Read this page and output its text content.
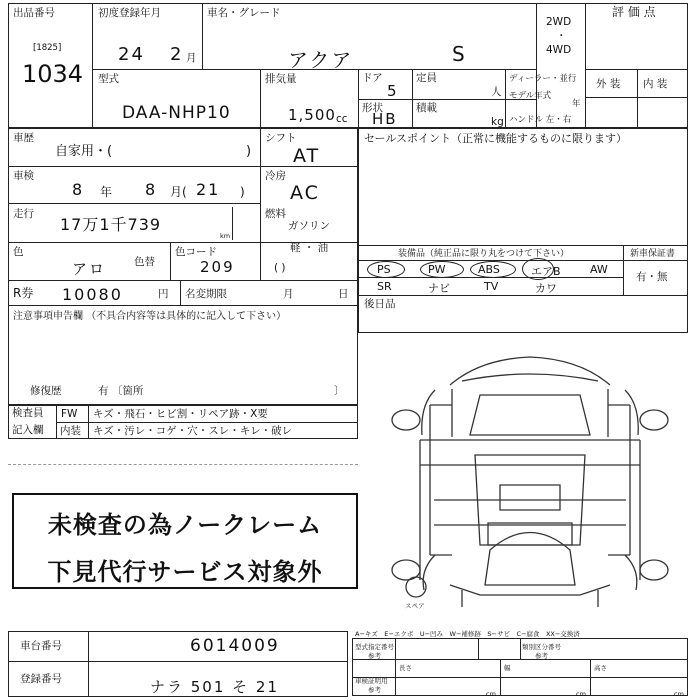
出品番号
[1825]
1034
初度登録年月
24 2 月
車名・グレード
アクア	S
2WD
・
4WD
評 価 点
外 装 内 装
型式
DAA-NHP10
排気量
1,500 cc
ドア
5
定員
人
形状
HB
積載
kg
ディーラー・並行
モデル年式
年
ハンドル 左・右
車歴
自家用・(	)
シフト
AT
車検
8 年 8 月( 21 )
冷房
AC
走行
17万1千739
km
燃料
ガソリン
軽 ・ 油
( )
色
アロ	色替
色コード
209
R券 10080	円 名変期限	月	日
注意事項申告欄 （不具合内容等は具体的に記入して下さい）
修復歴	有 〔箇所	〕
セールスポイント（正常に機能するものに限ります）
装備品（純正品に限り丸をつけて下さい）	新車保証書
有・無
PS	PW	ABS	エアB	AW
SR	ナビ	TV	カワ
後日品
検査員
記入欄
FW キズ・飛石・ヒビ割・リペア跡・X要
内装 キズ・汚レ・コゲ・穴・スレ・キレ・破レ
未検査の為ノークレーム
下見代行サービス対象外
スペア
車台番号	6014009
登録番号	ナラ 501 そ 21
A−キズ　E−エクボ　U−凹み　W−補修跡　S−サビ　C−腐食　XX−交換済
型式指定番号
参考
類別区分番号
参考
車検証明用
参考
長さ	幅	高さ
cm	cm	cm
